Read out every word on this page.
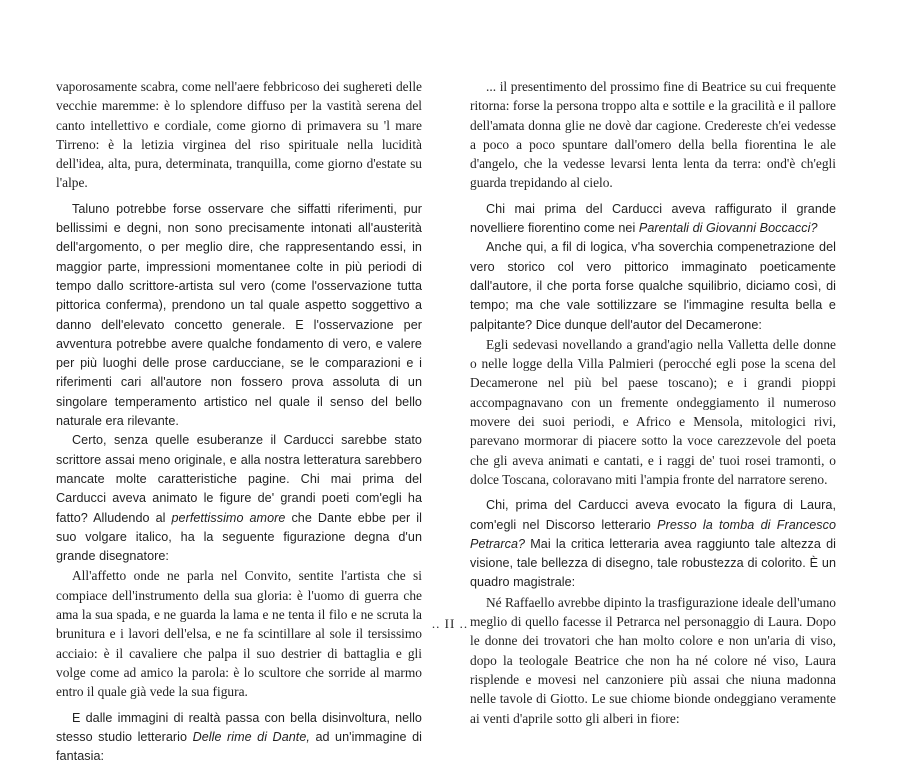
vaporosamente scabra, come nell'aere febbricoso dei sughereti delle vecchie maremme: è lo splendore diffuso per la vastità serena del canto intellettivo e cordiale, come giorno di primavera su 'l mare Tirreno: è la letizia virginea del riso spirituale nella lucidità dell'idea, alta, pura, determinata, tranquilla, come giorno d'estate su l'alpe.

Taluno potrebbe forse osservare che siffatti riferimenti, pur bellissimi e degni, non sono precisamente intonati all'austerità dell'argomento, o per meglio dire, che rappresentando essi, in maggior parte, impressioni momentanee colte in più periodi di tempo dallo scrittore-artista sul vero (come l'osservazione tutta pittorica conferma), prendono un tal quale aspetto soggettivo a danno dell'elevato concetto generale. E l'osservazione per avventura potrebbe avere qualche fondamento di vero, e valere per più luoghi delle prose carducciane, se le comparazioni e i riferimenti cari all'autore non fossero prova assoluta di un singolare temperamento artistico nel quale il senso del bello naturale era rilevante.

Certo, senza quelle esuberanze il Carducci sarebbe stato scrittore assai meno originale, e alla nostra letteratura sarebbero mancate molte caratteristiche pagine. Chi mai prima del Carducci aveva animato le figure de' grandi poeti com'egli ha fatto? Alludendo al perfettissimo amore che Dante ebbe per il suo volgare italico, ha la seguente figurazione degna d'un grande disegnatore:

All'affetto onde ne parla nel Convito, sentite l'artista che si compiace dell'instrumento della sua gloria: è l'uomo di guerra che ama la sua spada, e ne guarda la lama e ne tenta il filo e ne scruta la brunitura e i lavori dell'elsa, e ne fa scintillare al sole il tersissimo acciaio: è il cavaliere che palpa il suo destrier di battaglia e gli volge come ad amico la parola: è lo scultore che sorride al marmo entro il quale già vede la sua figura.

E dalle immagini di realtà passa con bella disinvoltura, nello stesso studio letterario Delle rime di Dante, ad un'immagine di fantasia:

... il presentimento del prossimo fine di Beatrice su cui frequente ritorna: forse la persona troppo alta e sottile e la gracilità e il pallore dell'amata donna glie ne dovè dar cagione. Credereste ch'ei vedesse a poco a poco spuntare dall'omero della bella fiorentina le ale d'angelo, che la vedesse levarsi lenta lenta da terra: ond'è ch'egli guarda trepidando al cielo.

Chi mai prima del Carducci aveva raffigurato il grande novelliere fiorentino come nei Parentali di Giovanni Boccacci?

Anche qui, a fil di logica, v'ha soverchia compenetrazione del vero storico col vero pittorico immaginato poeticamente dall'autore, il che porta forse qualche squilibrio, diciamo così, di tempo; ma che vale sottilizzare se l'immagine resulta bella e palpitante? Dice dunque dell'autor del Decamerone:

Egli sedevasi novellando a grand'agio nella Valletta delle donne o nelle logge della Villa Palmieri (perocché egli pose la scena del Decamerone nel più bel paese toscano); e i grandi pioppi accompagnavano con un fremente ondeggiamento il numeroso movere dei suoi periodi, e Africo e Mensola, mitologici rivi, parevano mormorar di piacere sotto la voce carezzevole del poeta che gli aveva animati e cantati, e i raggi de' tuoi rosei tramonti, o dolce Toscana, coloravano miti l'ampia fronte del narratore sereno.

Chi, prima del Carducci aveva evocato la figura di Laura, com'egli nel Discorso letterario Presso la tomba di Francesco Petrarca? Mai la critica letteraria avea raggiunto tale altezza di visione, tale bellezza di disegno, tale robustezza di colorito. È un quadro magistrale:

Né Raffaello avrebbe dipinto la trasfigurazione ideale dell'umano meglio di quello facesse il Petrarca nel personaggio di Laura. Dopo le donne dei trovatori che han molto colore e non un'aria di viso, dopo la teologale Beatrice che non ha né colore né viso, Laura risplende e movesi nel canzoniere più assai che niuna madonna nelle tavole di Giotto. Le sue chiome bionde ondeggiano veramente ai venti d'aprile sotto gli alberi in fiore:

.. II ..
